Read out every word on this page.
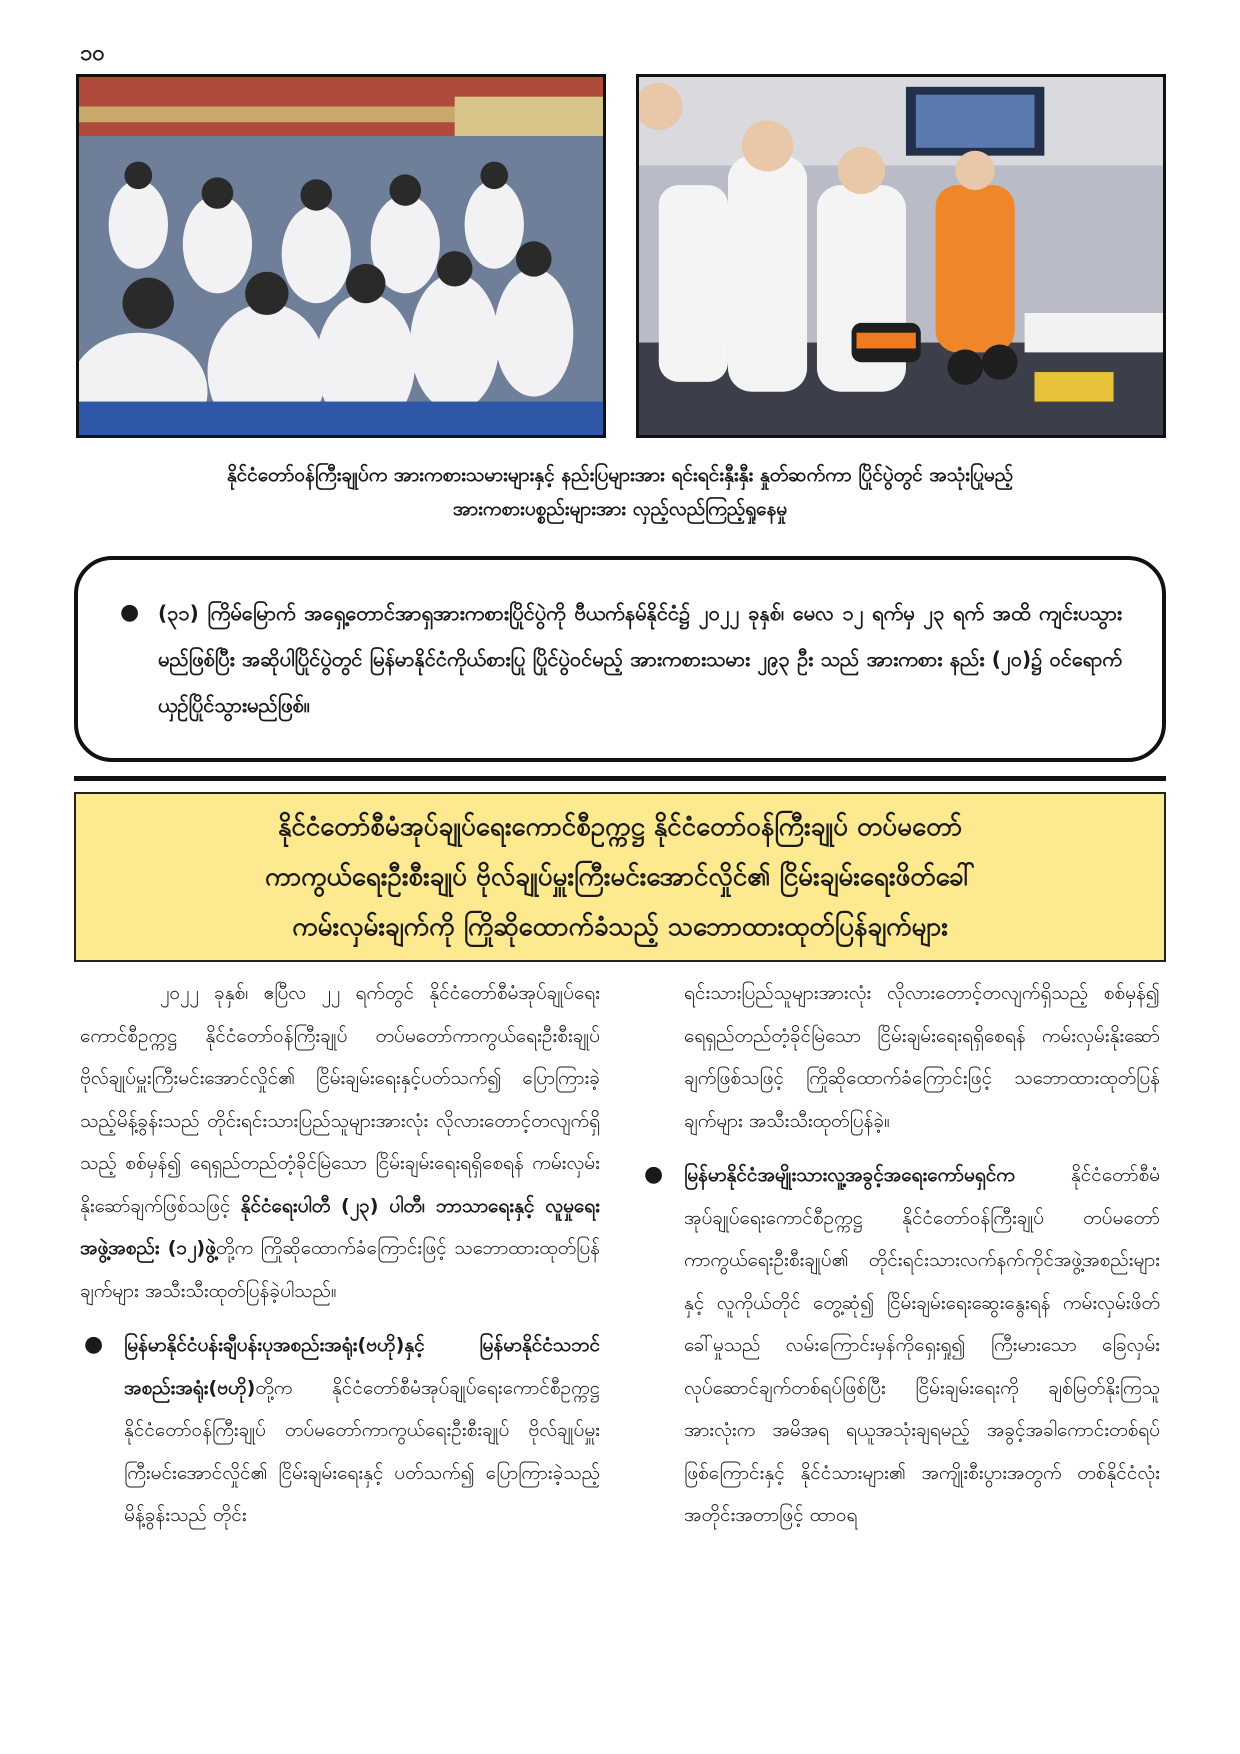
၁၀
နိုင်ငံတော်ဝန်ကြီးချုပ်က အားကစားသမားများနှင့် နည်းပြများအား ရင်းရင်းနှီးနှီး နှုတ်ဆက်ကာ ပြိုင်ပွဲတွင် အသုံးပြုမည့်
အားကစားပစ္စည်းများအား လှည့်လည်ကြည့်ရှုနေမှု
● (၃၁) ကြိမ်မြောက် အရှေ့တောင်အာရှအားကစားပြိုင်ပွဲကို ဗီယက်နမ်နိုင်ငံ၌ ၂၀၂၂ ခုနှစ်၊ မေလ ၁၂ ရက်မှ ၂၃ ရက် အထိ ကျင်းပသွားမည်ဖြစ်ပြီး အဆိုပါပြိုင်ပွဲတွင် မြန်မာနိုင်ငံကိုယ်စားပြု ပြိုင်ပွဲဝင်မည့် အားကစားသမား ၂၉၃ ဦး သည် အားကစား နည်း (၂၀)၌ ဝင်ရောက်ယှဉ်ပြိုင်သွားမည်ဖြစ်။

နိုင်ငံတော်စီမံအုပ်ချုပ်ရေးကောင်စီဥက္ကဋ္ဌ နိုင်ငံတော်ဝန်ကြီးချုပ် တပ်မတော်
ကာကွယ်ရေးဦးစီးချုပ် ဗိုလ်ချုပ်မှူးကြီးမင်းအောင်လှိုင်၏ ငြိမ်းချမ်းရေးဖိတ်ခေါ်
ကမ်းလှမ်းချက်ကို ကြိုဆိုထောက်ခံသည့် သဘောထားထုတ်ပြန်ချက်များ

၂၀၂၂ ခုနှစ်၊ ဧပြီလ ၂၂ ရက်တွင် နိုင်ငံတော်စီမံအုပ်ချုပ်ရေးကောင်စီဥက္ကဋ္ဌ နိုင်ငံတော်ဝန်ကြီးချုပ် တပ်မတော်ကာကွယ်ရေးဦးစီးချုပ် ဗိုလ်ချုပ်မှူးကြီးမင်းအောင်လှိုင်၏ ငြိမ်းချမ်းရေးနှင့်ပတ်သက်၍ ပြောကြားခဲ့သည့်မိန့်ခွန်းသည် တိုင်းရင်းသားပြည်သူများအားလုံး လိုလားတောင့်တလျက်ရှိသည့် စစ်မှန်၍ ရေရှည်တည်တံ့ခိုင်မြဲသော ငြိမ်းချမ်းရေးရရှိစေရန် ကမ်းလှမ်းနိုးဆော်ချက်ဖြစ်သဖြင့် နိုင်ငံရေးပါတီ (၂၃) ပါတီ၊ ဘာသာရေးနှင့် လူမှုရေးအဖွဲ့အစည်း (၁၂)ဖွဲ့တို့က ကြိုဆိုထောက်ခံကြောင်းဖြင့် သဘောထားထုတ်ပြန်ချက်များ အသီးသီးထုတ်ပြန်ခဲ့ပါသည်။

● မြန်မာနိုင်ငံပန်းချီပန်းပုအစည်းအရုံး(ဗဟို)နှင့် မြန်မာနိုင်ငံသဘင်အစည်းအရုံး(ဗဟို)တို့က နိုင်ငံတော်စီမံအုပ်ချုပ်ရေးကောင်စီဥက္ကဋ္ဌ နိုင်ငံတော်ဝန်ကြီးချုပ် တပ်မတော်ကာကွယ်ရေးဦးစီးချုပ် ဗိုလ်ချုပ်မှူးကြီးမင်းအောင်လှိုင်၏ ငြိမ်းချမ်းရေးနှင့် ပတ်သက်၍ ပြောကြားခဲ့သည့်မိန့်ခွန်းသည် တိုင်း

ရင်းသားပြည်သူများအားလုံး လိုလားတောင့်တလျက်ရှိသည့် စစ်မှန်၍ ရေရှည်တည်တံ့ခိုင်မြဲသော ငြိမ်းချမ်းရေးရရှိစေရန် ကမ်းလှမ်းနိုးဆော်ချက်ဖြစ်သဖြင့် ကြိုဆိုထောက်ခံကြောင်းဖြင့် သဘောထားထုတ်ပြန်ချက်များ အသီးသီးထုတ်ပြန်ခဲ့။

● မြန်မာနိုင်ငံအမျိုးသားလူ့အခွင့်အရေးကော်မရှင်က နိုင်ငံတော်စီမံအုပ်ချုပ်ရေးကောင်စီဥက္ကဋ္ဌ နိုင်ငံတော်ဝန်ကြီးချုပ် တပ်မတော်ကာကွယ်ရေးဦးစီးချုပ်၏ တိုင်းရင်းသားလက်နက်ကိုင်အဖွဲ့အစည်းများနှင့် လူကိုယ်တိုင် တွေ့ဆုံ၍ ငြိမ်းချမ်းရေးဆွေးနွေးရန် ကမ်းလှမ်းဖိတ်ခေါ်မှုသည် လမ်းကြောင်းမှန်ကိုရှေးရှု၍ ကြီးမားသော ခြေလှမ်းလုပ်ဆောင်ချက်တစ်ရပ်ဖြစ်ပြီး ငြိမ်းချမ်းရေးကို ချစ်မြတ်နိုးကြသူအားလုံးက အမိအရ ရယူအသုံးချရမည့် အခွင့်အခါကောင်းတစ်ရပ်ဖြစ်ကြောင်းနှင့် နိုင်ငံသားများ၏ အကျိုးစီးပွားအတွက် တစ်နိုင်ငံလုံးအတိုင်းအတာဖြင့် ထာဝရ
